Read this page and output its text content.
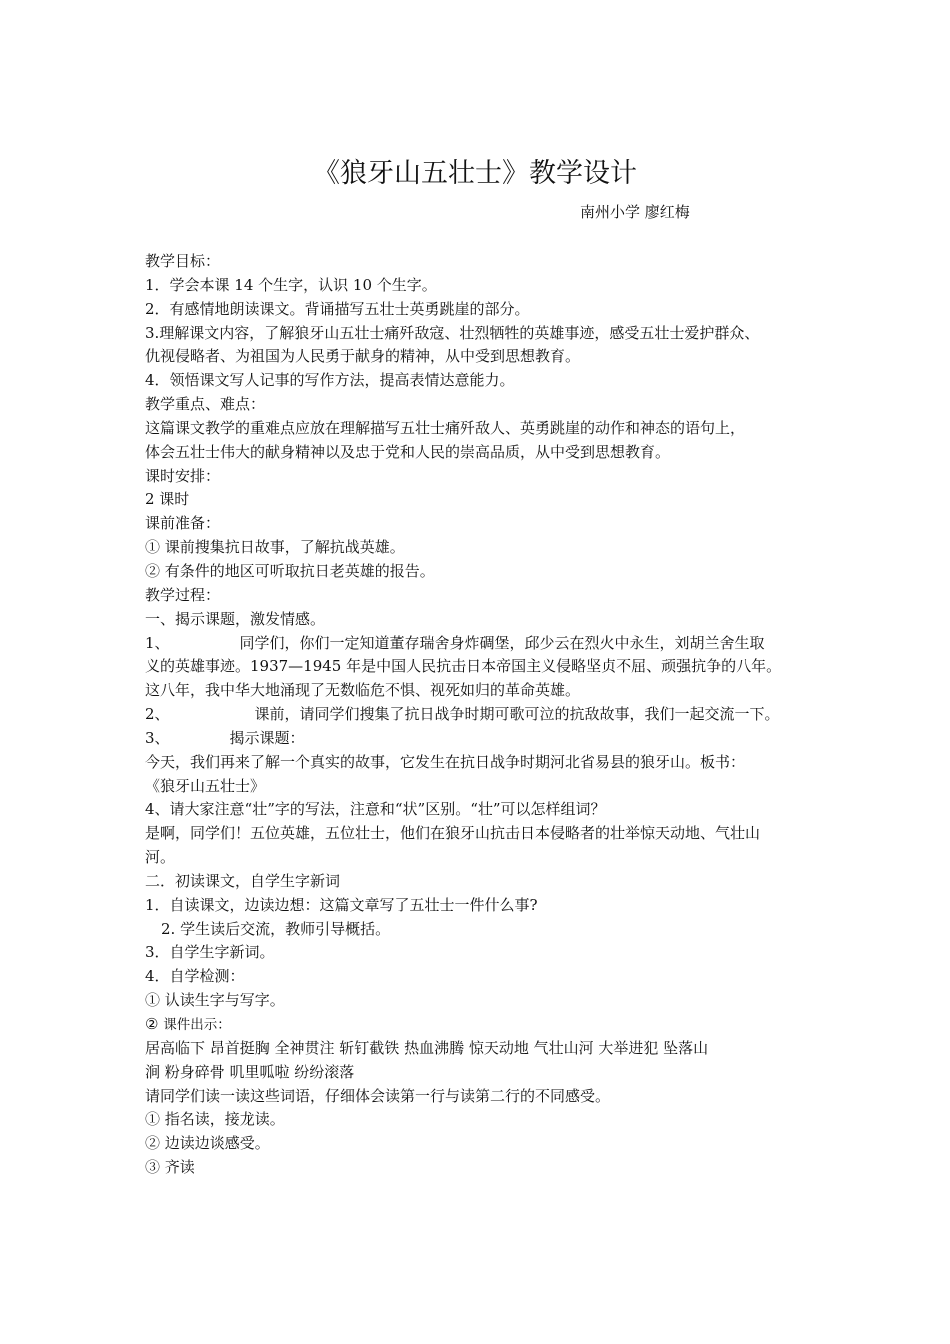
《狼牙山五壮士》教学设计
南州小学 廖红梅
教学目标：
1．学会本课 14 个生字，认识 10 个生字。
2．有感情地朗读课文。背诵描写五壮士英勇跳崖的部分。
3.理解课文内容，了解狼牙山五壮士痛歼敌寇、壮烈牺牲的英雄事迹，感受五壮士爱护群众、
仇视侵略者、为祖国为人民勇于献身的精神，从中受到思想教育。
4．领悟课文写人记事的写作方法，提高表情达意能力。
教学重点、难点：
这篇课文教学的重难点应放在理解描写五壮士痛歼敌人、英勇跳崖的动作和神态的语句上，
体会五壮士伟大的献身精神以及忠于党和人民的崇高品质，从中受到思想教育。
课时安排：
2 课时
课前准备：
① 课前搜集抗日故事，了解抗战英雄。
② 有条件的地区可听取抗日老英雄的报告。
教学过程：
一、揭示课题，激发情感。
1、	同学们，你们一定知道董存瑞舍身炸碉堡，邱少云在烈火中永生，刘胡兰舍生取
义的英雄事迹。1937—1945 年是中国人民抗击日本帝国主义侵略坚贞不屈、顽强抗争的八年。
这八年，我中华大地涌现了无数临危不惧、视死如归的革命英雄。
2、	课前，请同学们搜集了抗日战争时期可歌可泣的抗敌故事，我们一起交流一下。
3、	揭示课题：
今天，我们再来了解一个真实的故事，它发生在抗日战争时期河北省易县的狼牙山。板书：
《狼牙山五壮士》
4、请大家注意“壮”字的写法，注意和“状”区别。“壮”可以怎样组词？
是啊，同学们！五位英雄，五位壮士，他们在狼牙山抗击日本侵略者的壮举惊天动地、气壮山
河。
二．初读课文，自学生字新词
1．自读课文，边读边想：这篇文章写了五壮士一件什么事?
2. 学生读后交流，教师引导概括。
3．自学生字新词。
4．自学检测：
① 认读生字与写字。
② 课件出示：
居高临下 昂首挺胸 全神贯注 斩钉截铁 热血沸腾 惊天动地 气壮山河 大举进犯 坠落山
涧 粉身碎骨 叽里呱啦 纷纷滚落
请同学们读一读这些词语，仔细体会读第一行与读第二行的不同感受。
① 指名读，接龙读。
② 边读边谈感受。
③ 齐读
